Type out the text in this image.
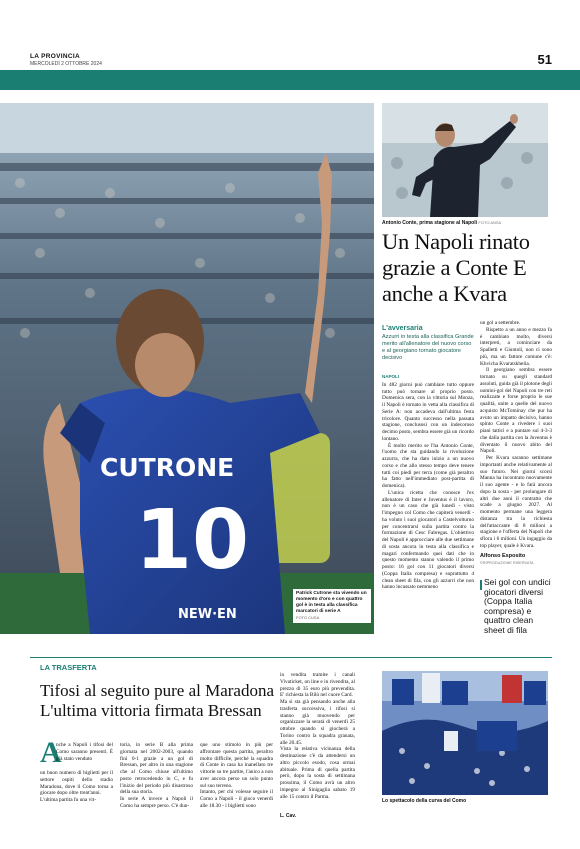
LA PROVINCIA
MERCOLEDÌ 2 OTTOBRE 2024	51
CUTRONE
10
NEW·EN
Patrick Cutrone sta vivendo un momento d'oro e con quattro gol è in testa alla classifica marcatori di serie A
FOTO CUSA
Antonio Conte, prima stagione al Napoli FOTO ANSA
Un Napoli rinato grazie a Conte E anche a Kvara
L'avversaria
Azzurri in testa alla classifica Grande merito all'allenatore del nuovo corso e al georgiano tornato giocatore decisivo
NAPOLI

In 482 giorni può cambiare tutto oppure tutto può tornare al proprio posto. Domenica sera, con la vittoria sul Monza, il Napoli è tornato in vetta alla classifica di Serie A: non accadeva dall'ultima festa tricolore. Quanto successo nella passata stagione, conclusosi con un indecoroso decimo posto, sembra essere già un ricordo lontano.

È molto merito se l'ha Antonio Conte, l'uomo che sta guidando la rivoluzione azzurra, che ha dato inizio a un nuovo corso e che allo stesso tempo deve tenere tutti coi piedi per terra (come già peraltro ha fatto nell'immediato post-partita di domenica).

L'unica ricetta che conosce l'ex allenatore di Inter e Juventus è il lavoro, non è un caso che già lunedì - visto l'impegno col Como che capiterà venerdì - ha voluto i suoi giocatori a Castelvolturno per concentrarsi sulla partita contro la formazione di Cesc Fabregas. L'obiettivo del Napoli è approcciare alle due settimane di sosta ancora in testa alla classifica e magari confermando quei dati che in questo momento stanno valendo il primo posto: 16 gol con 11 giocatori diversi (Coppa Italia compresa) e soprattutto 4 clean sheet di fila, con gli azzurri che non hanno incassato nemmeno

un gol a settembre.

Rispetto a un anno e mezzo fa è cambiato molto, diversi interpreti, a cominciare da Spalletti e Giuntoli, non ci sono più, ma un fattore comune c'è: Khvicha Kvaratskhelia.

Il georgiano sembra essere tornato su quegli standard assoluti, guida già il plotone degli uomini-gol del Napoli con tre reti realizzate e forse proprio le sue qualità, unite a quelle del nuovo acquisto McTominay che pur ha avuto un impatto decisivo, hanno spinto Conte a rivedere i suoi piani tattici e a puntare sul 4-3-3 che dalla partita con la Juventus è diventato il nuovo abito del Napoli.

Per Kvara saranno settimane importanti anche relativamente al suo futuro. Nei giorni scorsi Manna ha incontrato nuovamente il suo agente - e lo farà ancora dopo la sosta - per prolungare di altri due anni il contratto che scade a giugno 2027. Al momento permane una leggera distanza tra la richiesta dell'attaccante di 8 milioni a stagione e l'offerta del Napoli che sfiora i 6 milioni. Un ingaggio da top player, quale è Kvara.

Alfonso Esposito
©RIPRODUZIONE RISERVATA
Sei gol con undici giocatori diversi (Coppa Italia compresa) e quattro clean sheet di fila
LA TRASFERTA
Tifosi al seguito pure al Maradona L'ultima vittoria firmata Bressan
A
nche a Napoli i tifosi del Como saranno presenti. È già stato venduto
un buon numero di biglietti per il settore ospiti dello stadio Maradona, dove il Como torna a giocare dopo oltre trent'anni.
L'ultima partita fu una vit-
toria, in serie B alla prima giornata nel 2002-2003, quando finì 0-1 grazie a un gol di Bressan, per altro in una stagione che al Como chiuse all'ultimo posto retrocedendo in C, e fu l'inizio del periodo più disastroso della sua storia.
In serie A invece a Napoli il Como ha sempre perso. C'è dun-
que uno stimolo in più per affrontare questa partita, peraltro molto difficile, perché la squadra di Conte in casa ha inanellato tre vittorie su tre partite, l'anico a non aver ancora perso un solo punto sul suo terreno.
Intanto, per chi volesse seguire il Como a Napoli - il gioco venerdì alle 18.30 - i biglietti sono
in vendita tramite i canali Vivaticket, on line e in rivendita, al prezzo di 35 euro più prevendita. E' richiesta la Bilù nel cuore Card.
Ma si sta già pensando anche alla trasferta successiva, i tifosi si stanno già muovendo per organizzare la seratà di venerdì 25 ottobre quando si giocherà a Torino contro la squadra granata, alle 20.45.
Vista la relativa vicinanza della destinazione c'è da attendersi un altro piccolo esodo, cosa ormai abituale. Prima di quella partita però, dopo la sosta di settimana prossima, il Como avrà un altro impegno al Sinigaglia sabato 19 alle 15 contro il Parma.
L. Cav.
Lo spettacolo della curva del Como
